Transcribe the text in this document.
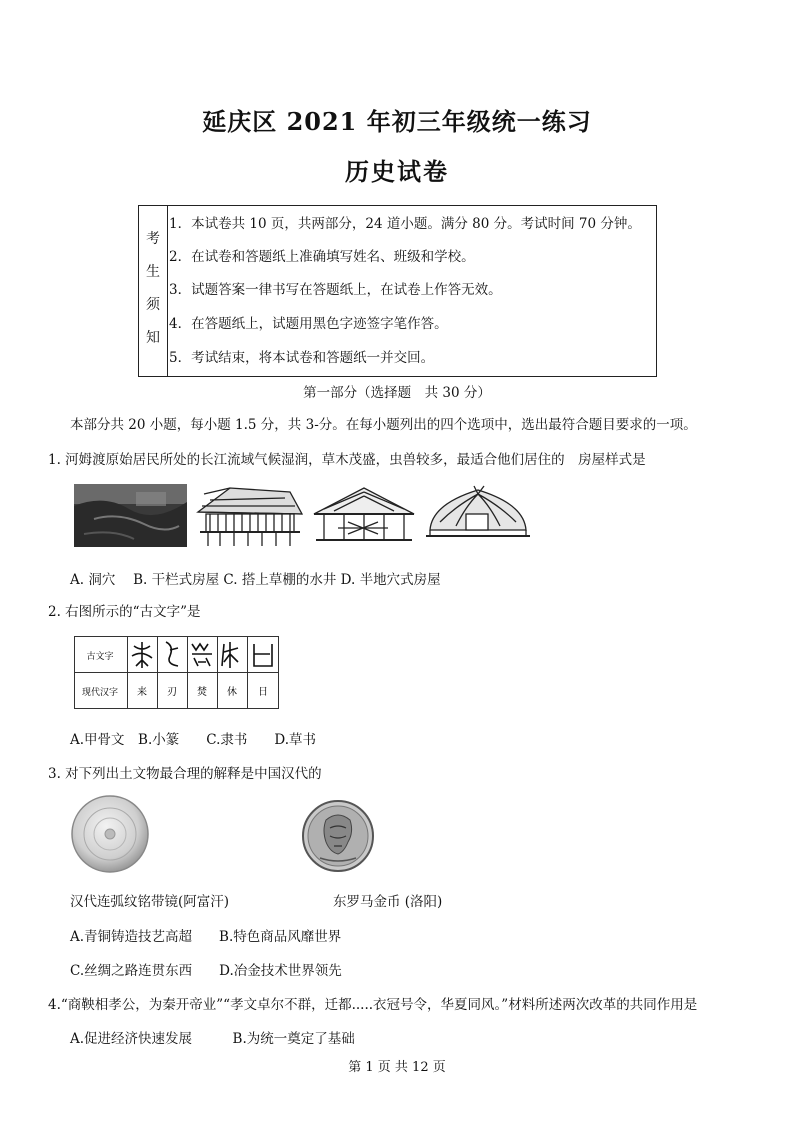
延庆区 2021 年初三年级统一练习
历史试卷
考
生
须
知
1．本试卷共 10 页，共两部分，24 道小题。满分 80 分。考试时间 70 分钟。
2．在试卷和答题纸上准确填写姓名、班级和学校。
3．试题答案一律书写在答题纸上，在试卷上作答无效。
4．在答题纸上，试题用黑色字迹签字笔作答。
5．考试结束，将本试卷和答题纸一并交回。
第一部分（选择题　共 30 分）
本部分共 20 小题，每小题 1.5 分，共 3-分。在每小题列出的四个选项中，选出最符合题目要求的一项。
1. 河姆渡原始居民所处的长江流域气候湿润，草木茂盛，虫兽较多，最适合他们居住的　房屋样式是
A. 洞穴　 B. 干栏式房屋 C. 搭上草棚的水井 D. 半地穴式房屋
2. 右图所示的“古文字”是
古文字
现代汉字 来 刃 焚 休 日
A.甲骨文　B.小篆　　C.隶书　　D.草书
3. 对下列出土文物最合理的解释是中国汉代的
汉代连弧纹铭带镜(阿富汗)	东罗马金币 (洛阳)
A.青铜铸造技艺高超　　B.特色商品风靡世界
C.丝绸之路连贯东西　　D.冶金技术世界领先
4.“商鞅相孝公，为秦开帝业”“孝文卓尔不群，迁都.....衣冠号令，华夏同风。”材料所述两次改革的共同作用是
A.促进经济快速发展　　　B.为统一奠定了基础
第 1 页 共 12 页
